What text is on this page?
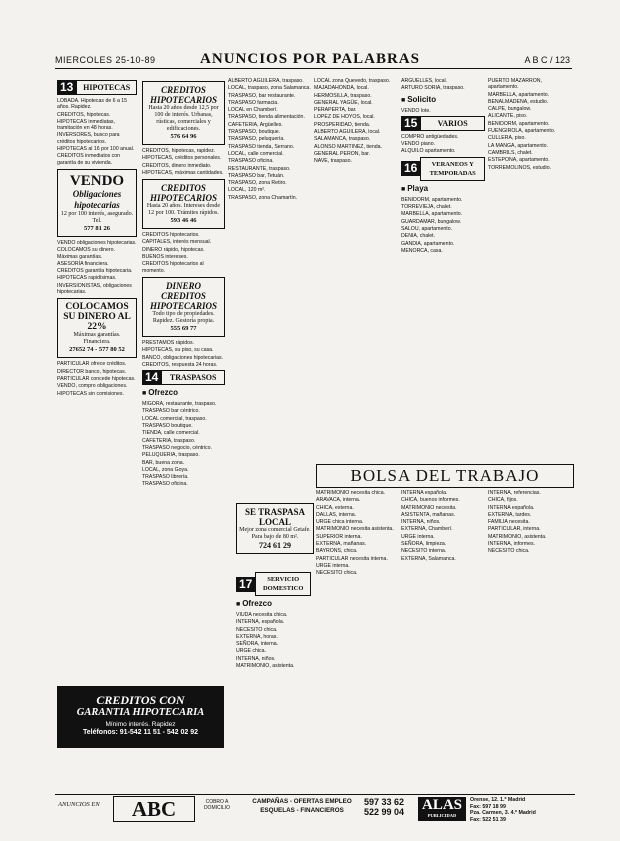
MIERCOLES 25-10-89	ANUNCIOS POR PALABRAS	A B C / 123
13	HIPOTECAS
LOBADA. Hipotecas de 6 a 15 años. Rapidez.
CREDITOS, hipotecas.
HIPOTECAS inmediatas, tramitación en 48 horas.
INVERSORES, busco para créditos hipotecarios.
HIPOTECAS al 16 por 100 anual.
CREDITOS inmediatos con garantía de su vivienda.
VENDO
Obligaciones hipotecarias
12 por 100 interés, asegurado. Tel.
577 81 26
VENDO obligaciones hipotecarias.
COLOCAMOS su dinero. Máximas garantías.
ASESORÍA financiera.
CREDITOS garantía hipotecaria.
HIPOTECAS rapidísimas.
INVERSIONISTAS, obligaciones hipotecarias.
COLOCAMOS SU DINERO AL 22%
Máximas garantías. Financiera.
27652 74 - 577 80 52
PARTICULAR ofrece créditos.
DIRECTOR banco, hipotecas.
PARTICULAR concede hipotecas.
VENDO, compro obligaciones.
HIPOTECAS sin comisiones.
CREDITOS HIPOTECARIOS
Hasta 20 años desde 12,5 por 100 de interés. Urbanas, rústicas, comerciales y edificaciones.
576 64 96
CREDITOS, hipotecas, rapidez.
HIPOTECAS, créditos personales.
CREDITOS, dinero inmediato.
HIPOTECAS, máximas cantidades.
CREDITOS HIPOTECARIOS
Hasta 20 años. Intereses desde 12 por 100. Trámites rápidos.
593 46 46
CREDITOS hipotecarios.
CAPITALES, interés mensual.
DINERO rápido, hipotecas.
BUENOS intereses.
CREDITOS hipotecarios al momento.
DINERO CREDITOS HIPOTECARIOS
Todo tipo de propiedades. Rapidez. Gestoría propia.
555 69 77
PRESTAMOS rápidos.
HIPOTECAS, su piso, su casa.
BANCO, obligaciones hipotecarias.
CREDITOS, respuesta 24 horas.
14	TRASPASOS
■ Ofrezco
MIGORA, restaurante, traspaso.
TRASPASO bar céntrico.
LOCAL comercial, traspaso.
TRASPASO boutique.
TIENDA, calle comercial.
CAFETERIA, traspaso.
TRASPASO negocio, céntrico.
PELUQUERIA, traspaso.
BAR, buena zona.
LOCAL, zona Goya.
TRASPASO librería.
TRASPASO oficina.
ALBERTO AGUILERA, traspaso.
LOCAL, traspaso, zona Salamanca.
TRASPASO, bar restaurante.
TRASPASO farmacia.
LOCAL en Chamberí.
TRASPASO, tienda alimentación.
CAFETERIA, Argüelles.
TRASPASO, boutique.
TRASPASO, peluquería.
TRASPASO tienda, Serrano.
LOCAL, calle comercial.
TRASPASO oficina.
RESTAURANTE, traspaso.
TRASPASO bar, Tetuán.
TRASPASO, zona Retiro.
LOCAL, 120 m².
TRASPASO, zona Chamartín.
SE TRASPASA LOCAL
Mejor zona comercial Getafe. Para bajo de 80 m².
724 61 29
17	SERVICIO DOMESTICO
■ Ofrezco
VIUDA necesita chica.
INTERNA, española.
NECESITO chica.
EXTERNA, horas.
SEÑORA, interna.
URGE chica.
INTERNA, niños.
MATRIMONIO, asistenta.
LOCAL zona Quevedo, traspaso.
MAJADAHONDA, local.
HERMOSILLA, traspaso.
GENERAL YAGÜE, local.
PERAPERTA, bar.
LOPEZ DE HOYOS, local.
PROSPERIDAD, tienda.
ALBERTO AGUILERA, local.
SALAMANCA, traspaso.
ALONSO MARTINEZ, tienda.
GENERAL PERON, bar.
NAVE, traspaso.
ARGUELLES, local.
ARTURO SORIA, traspaso.
■ Solicito
VENDO lote.
15	VARIOS
COMPRO antigüedades.
VENDO piano.
ALQUILO apartamento.
16	VERANEOS Y TEMPORADAS
■ Playa
BENIDORM, apartamento.
TORREVIEJA, chalet.
MARBELLA, apartamento.
GUARDAMAR, bungalow.
SALOU, apartamento.
DENIA, chalet.
GANDIA, apartamento.
MENORCA, casa.
PUERTO MAZARRON, apartamento.
MARBELLA, apartamento.
BENALMADENA, estudio.
CALPE, bungalow.
ALICANTE, piso.
BENIDORM, apartamento.
FUENGIROLA, apartamento.
CULLERA, piso.
LA MANGA, apartamento.
CAMBRILS, chalet.
ESTEPONA, apartamento.
TORREMOLINOS, estudio.
BOLSA DEL TRABAJO
MATRIMONIO necesita chica.
ARAVACA, interna.
CHICA, externa.
DALLAS, interna.
URGE chica interna.
MATRIMONIO necesita asistenta.
SUPERIOR interna.
EXTERNA, mañanas.
BAYRONS, chica.
PARTICULAR necesita interna.
URGE interna.
NECESITO chica.
INTERNA española.
CHICA, buenos informes.
MATRIMONIO necesita.
ASISTENTA, mañanas.
INTERNA, niños.
EXTERNA, Chamberí.
URGE interna.
SEÑORA, limpieza.
NECESITO interna.
EXTERNA, Salamanca.
INTERNA, referencias.
CHICA, fijos.
INTERNA española.
EXTERNA, tardes.
FAMILIA necesita.
PARTICULAR, interna.
MATRIMONIO, asistenta.
INTERNA, informes.
NECESITO chica.
CREDITOS CON
GARANTIA HIPOTECARIA
Mínimo interés. Rapidez
Teléfonos: 91-542 11 51 - 542 02 92
ANUNCIOS EN	ABC	COBRO A DOMICILIO
CAMPAÑAS - OFERTAS EMPLEO
ESQUELAS - FINANCIEROS
597 33 62
522 99 04 ALAS
PUBLICIDAD
Orense, 12. 1.º Madrid
Fax: 597 18 99
Pza. Carmen, 3. 4.º Madrid
Fax: 522 51 39
